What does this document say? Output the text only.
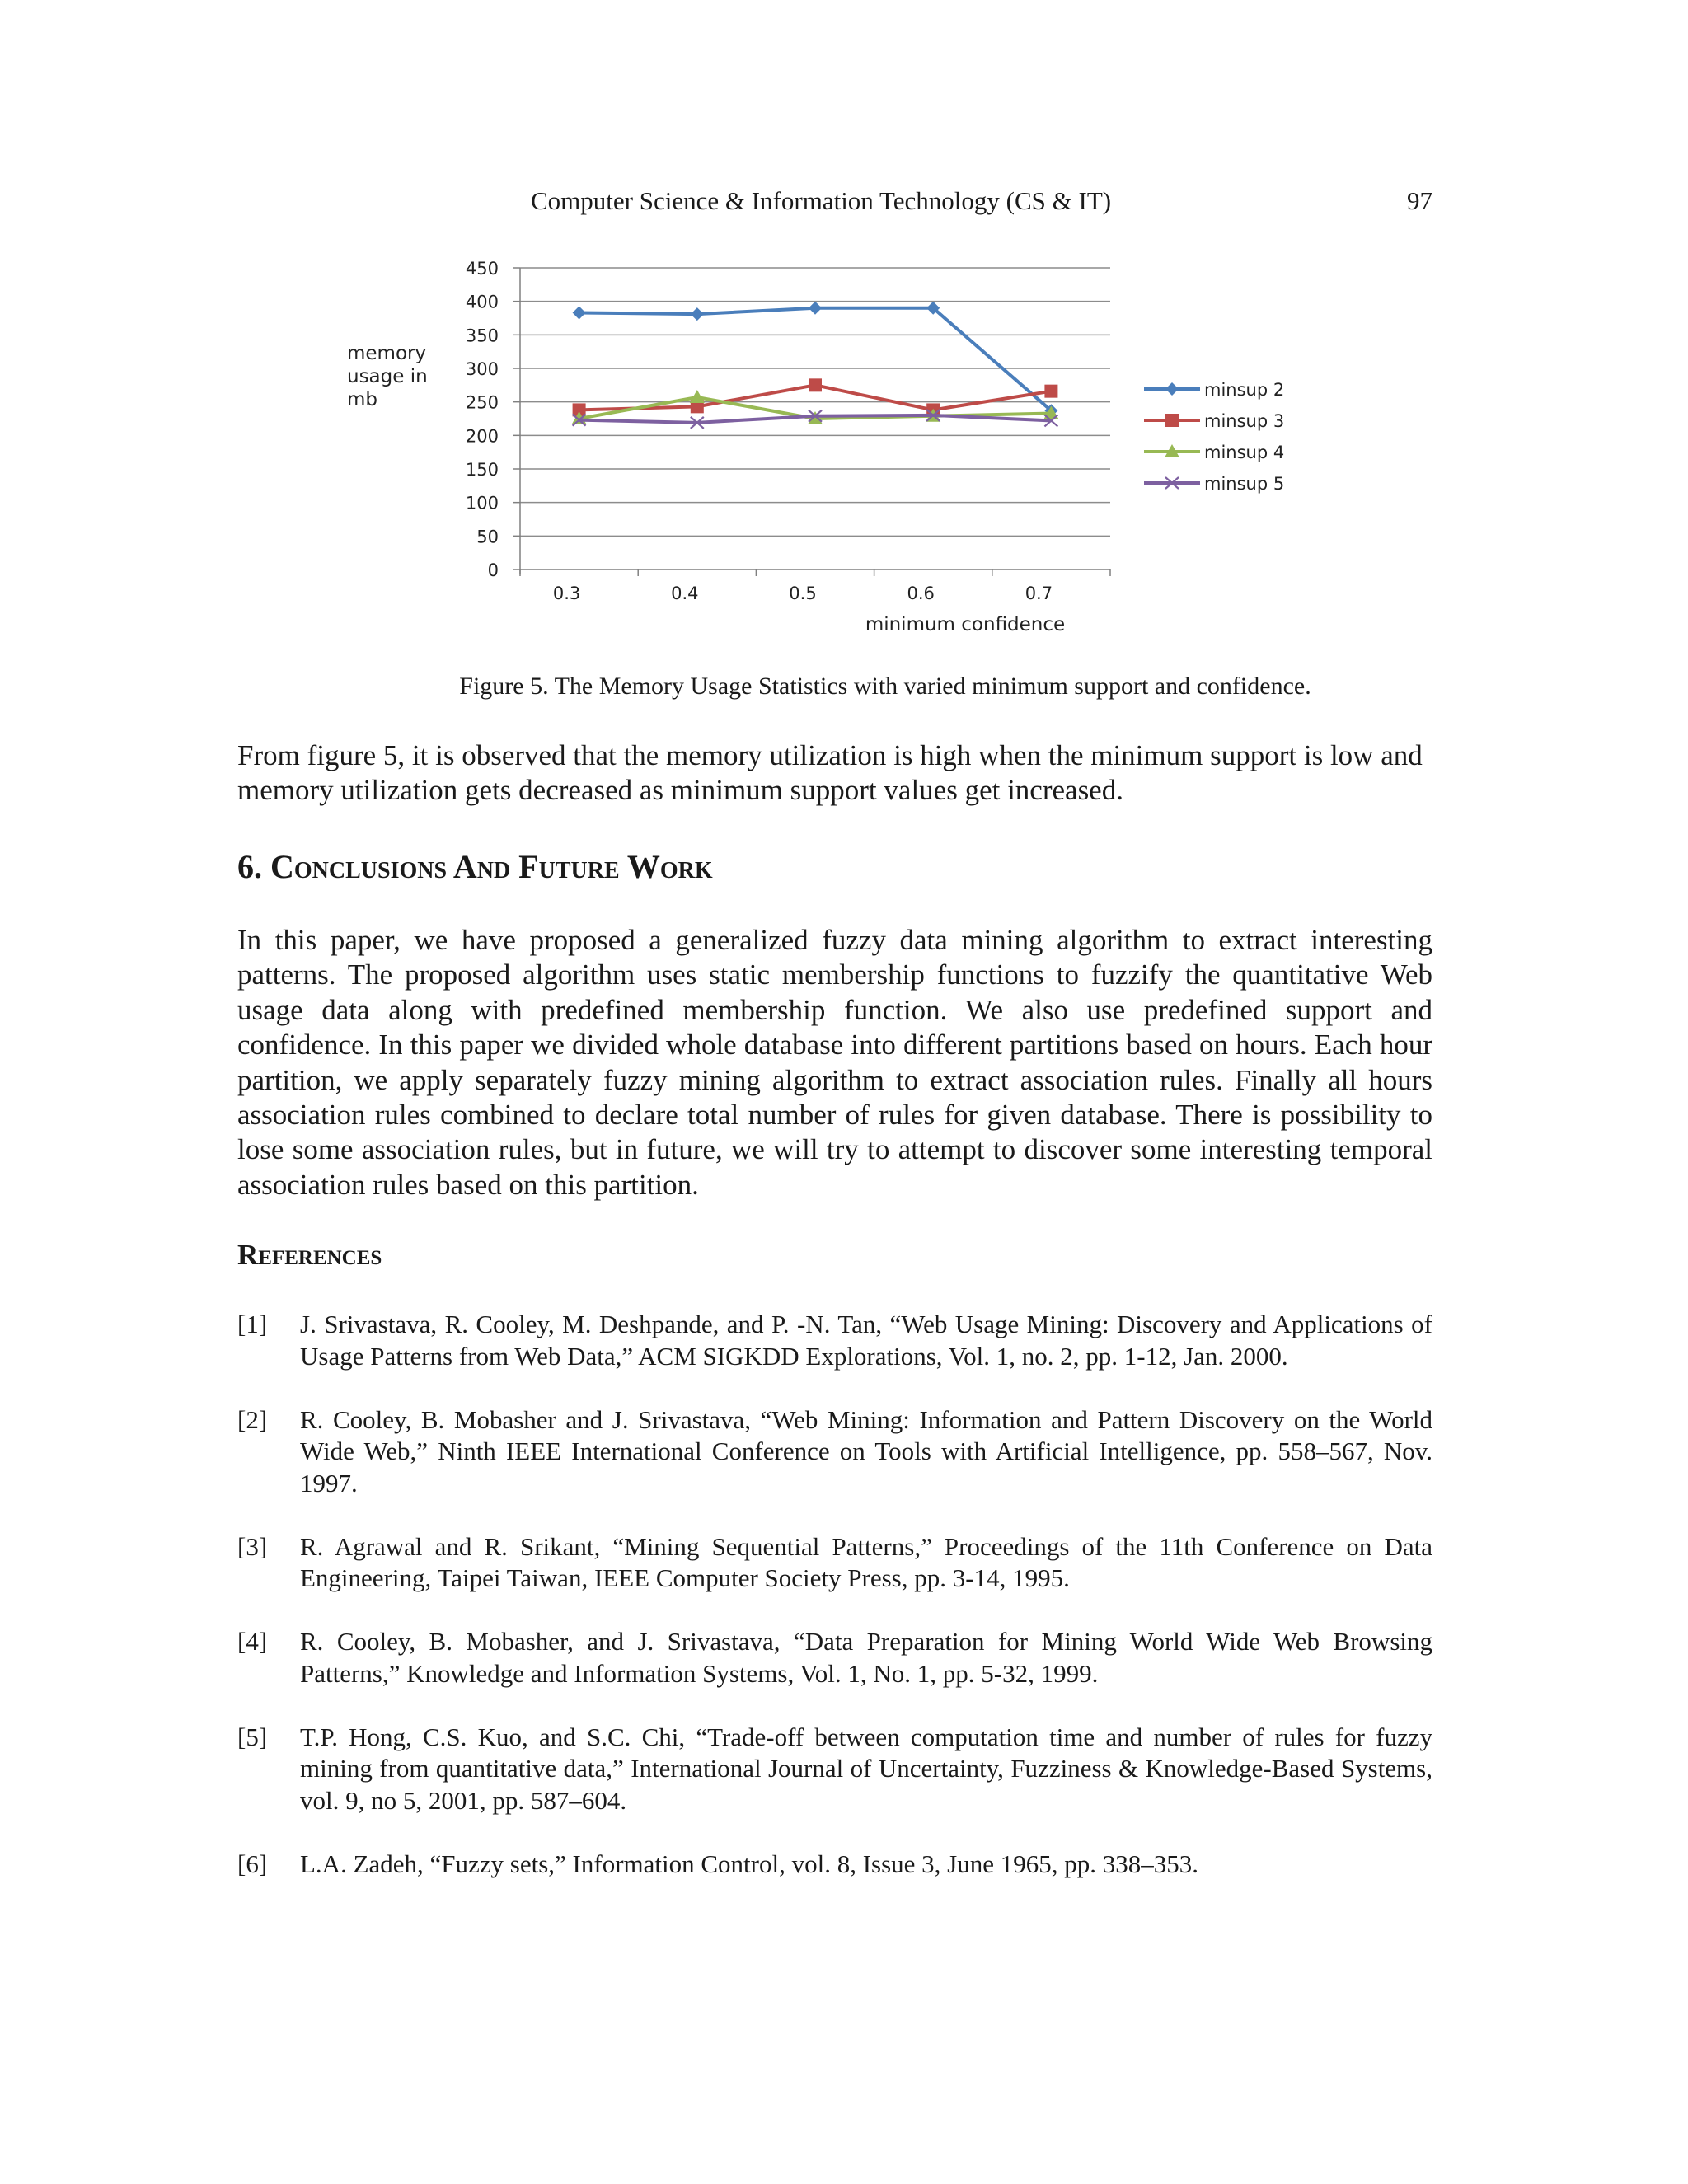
Computer Science & Information Technology (CS & IT)	97
0
50
100
150
200
250
300
350
400
450
0.3	0.4	0.5	0.6	0.7
memory
usage in
mb
minimum confidence
minsup 2
minsup 3
minsup 4
minsup 5
Figure 5. The Memory Usage Statistics with varied minimum support and confidence.

From figure 5, it is observed that the memory utilization is high when the minimum support is low and memory utilization gets decreased as minimum support values get increased.

6. Conclusions And Future Work

In this paper, we have proposed a generalized fuzzy data mining algorithm to extract interesting patterns. The proposed algorithm uses static membership functions to fuzzify the quantitative Web usage data along with predefined membership function. We also use predefined support and confidence. In this paper we divided whole database into different partitions based on hours. Each hour partition, we apply separately fuzzy mining algorithm to extract association rules. Finally all hours association rules combined to declare total number of rules for given database. There is possibility to lose some association rules, but in future, we will try to attempt to discover some interesting temporal association rules based on this partition.

References
[1] J. Srivastava, R. Cooley, M. Deshpande, and P. -N. Tan, “Web Usage Mining: Discovery and Applications of Usage Patterns from Web Data,” ACM SIGKDD Explorations, Vol. 1, no. 2, pp. 1-12, Jan. 2000.
[2] R. Cooley, B. Mobasher and J. Srivastava, “Web Mining: Information and Pattern Discovery on the World Wide Web,” Ninth IEEE International Conference on Tools with Artificial Intelligence, pp. 558–567, Nov. 1997.
[3] R. Agrawal and R. Srikant, “Mining Sequential Patterns,” Proceedings of the 11th Conference on Data Engineering, Taipei Taiwan, IEEE Computer Society Press, pp. 3-14, 1995.
[4] R. Cooley, B. Mobasher, and J. Srivastava, “Data Preparation for Mining World Wide Web Browsing Patterns,” Knowledge and Information Systems, Vol. 1, No. 1, pp. 5-32, 1999.
[5] T.P. Hong, C.S. Kuo, and S.C. Chi, “Trade-off between computation time and number of rules for fuzzy mining from quantitative data,” International Journal of Uncertainty, Fuzziness & Knowledge-Based Systems, vol. 9, no 5, 2001, pp. 587–604.
[6] L.A. Zadeh, “Fuzzy sets,” Information Control, vol. 8, Issue 3, June 1965, pp. 338–353.
